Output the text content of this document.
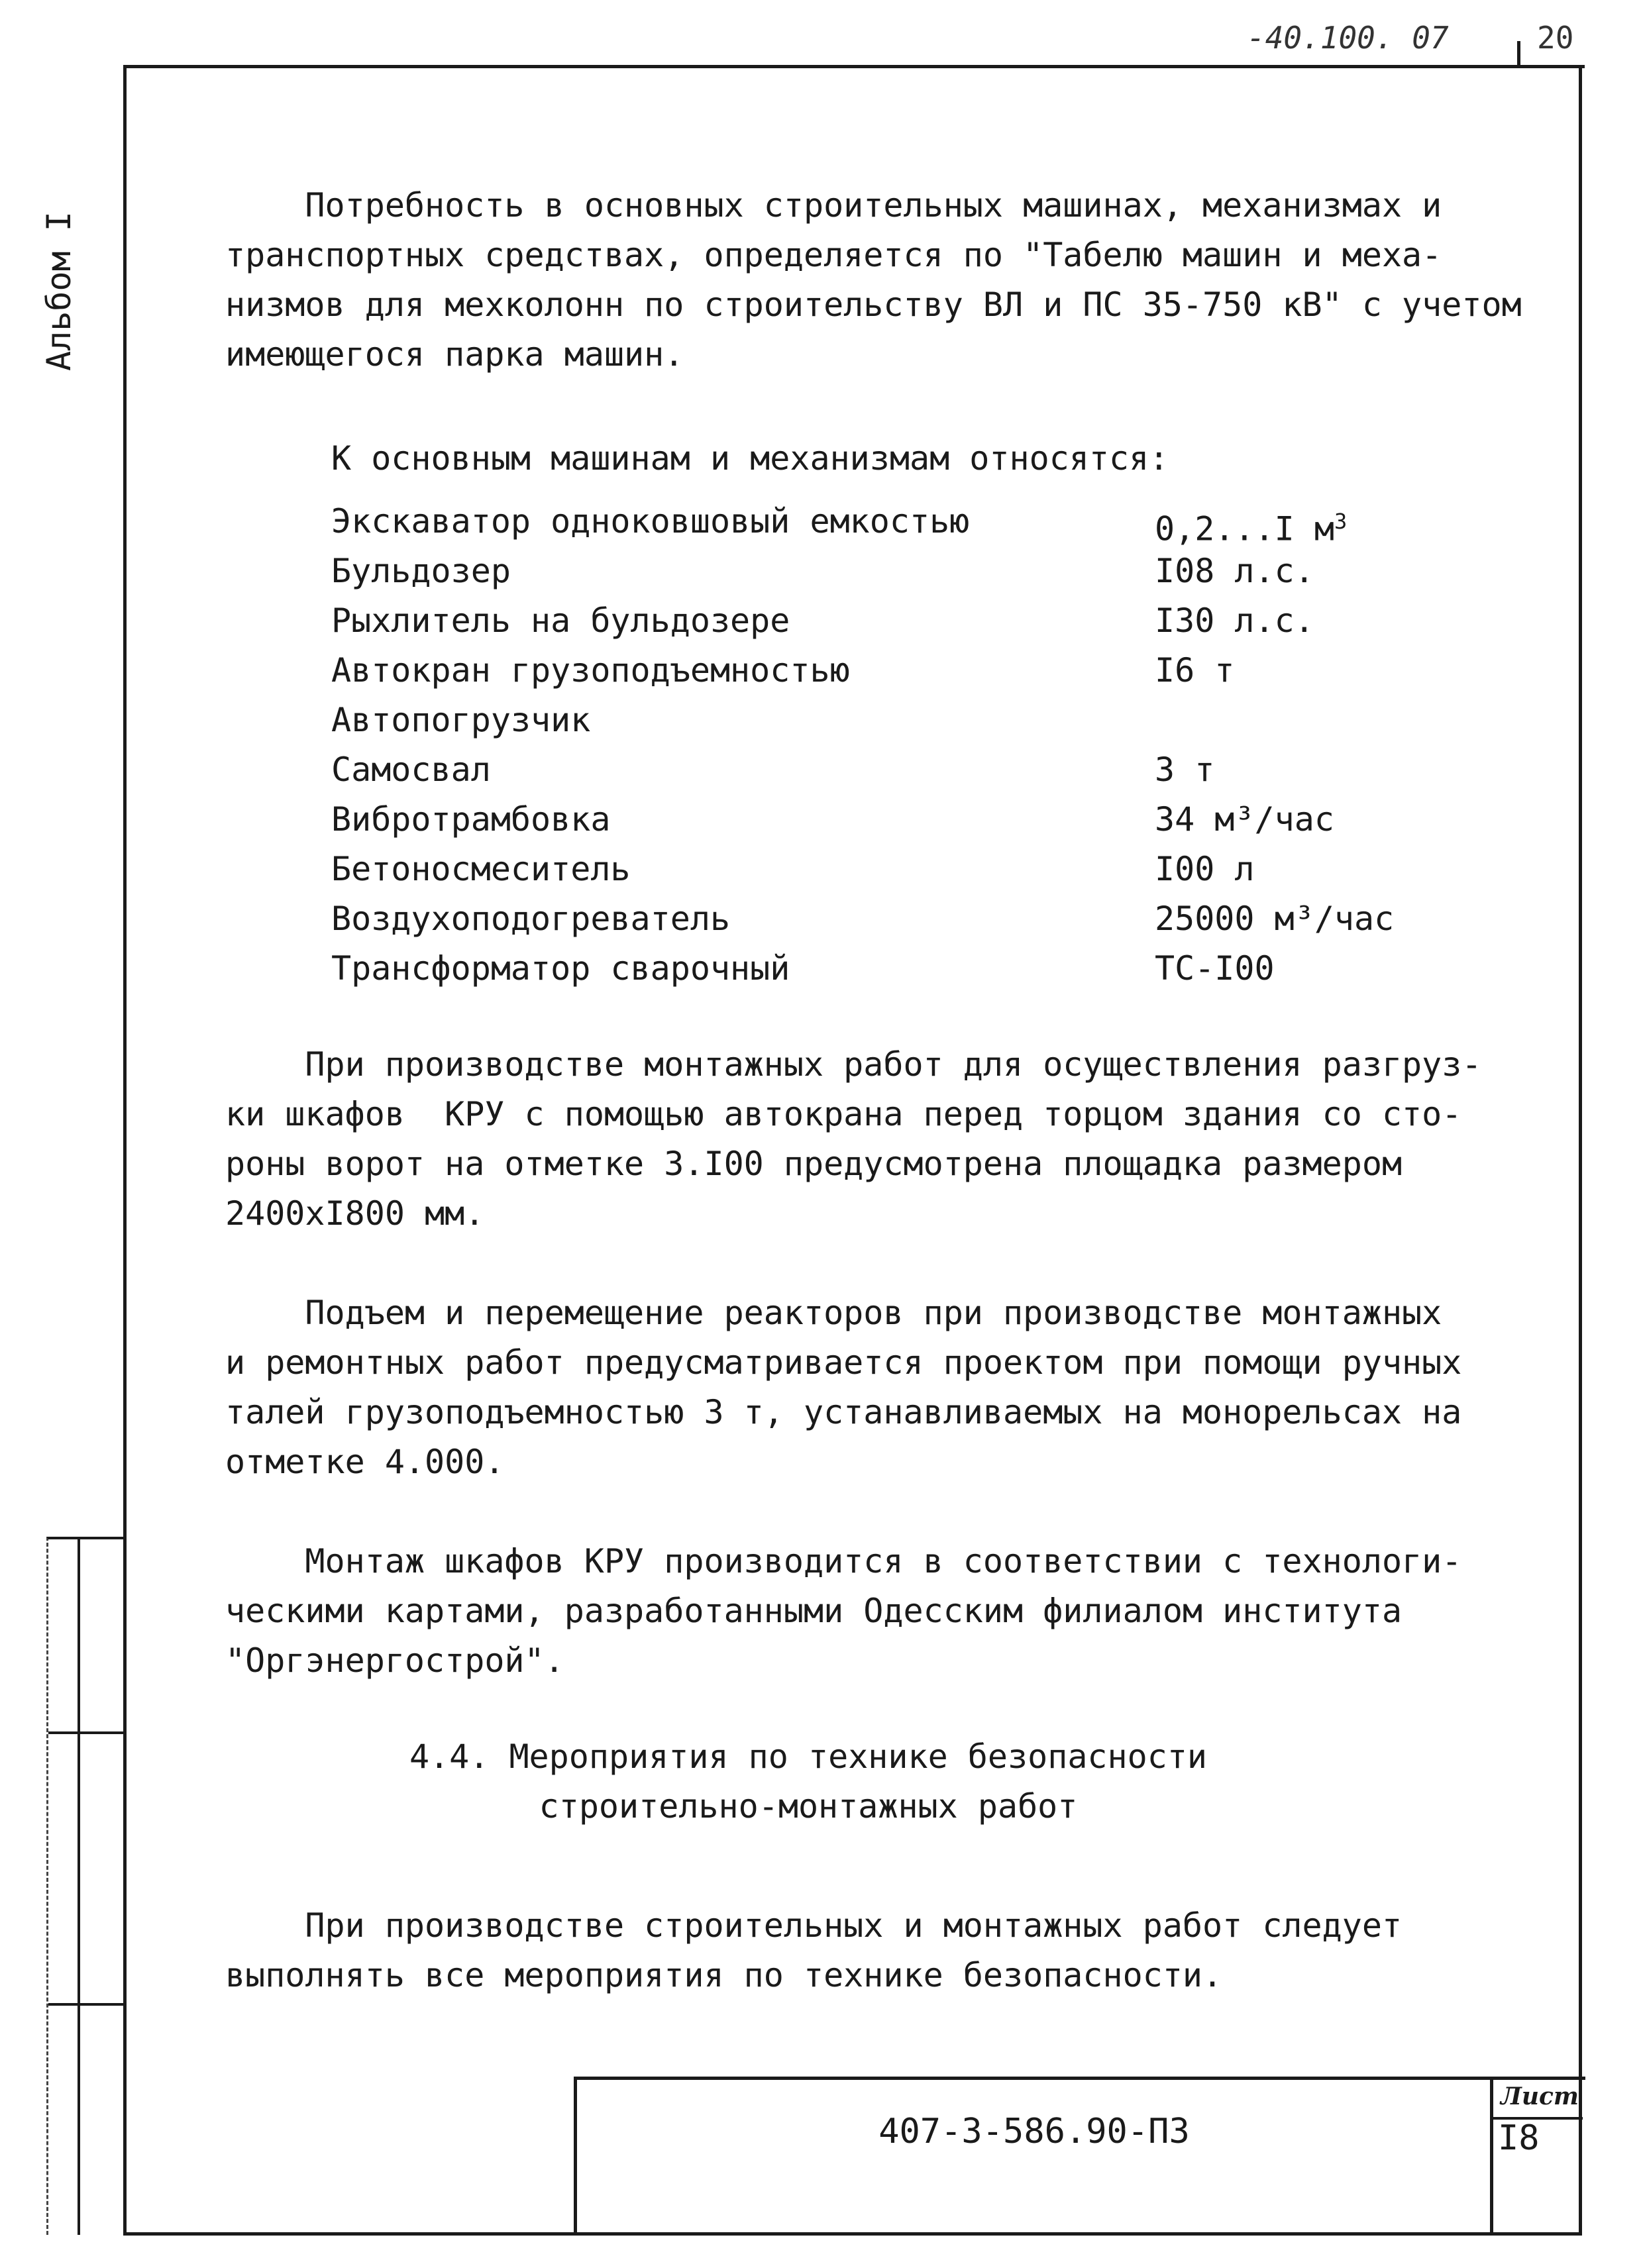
-40.100. 07	20
Альбом I
Потребность в основных строительных машинах, механизмах и
транспортных средствах, определяется по "Табелю машин и меха-
низмов для мехколонн по строительству ВЛ и ПС 35-750 кВ" с учетом
имеющегося парка машин.
К основным машинам и механизмам относятся:
Экскаватор одноковшовый емкостью	0,2...I $м^3$
Бульдозер	I08 л.с.
Рыхлитель на бульдозере	I30 л.с.
Автокран грузоподъемностью	I6 т
Автопогрузчик
Самосвал	3 т
Вибротрамбовка	34 м³/час
Бетоносмеситель	I00 л
Воздухоподогреватель	25000 м³/час
Трансформатор сварочный	ТС-I00
При производстве монтажных работ для осуществления разгруз-
ки шкафов  КРУ с помощью автокрана перед торцом здания со сто-
роны ворот на отметке 3.I00 предусмотрена площадка размером
2400хI800 мм.
Подъем и перемещение реакторов при производстве монтажных
и ремонтных работ предусматривается проектом при помощи ручных
талей грузоподъемностью 3 т, устанавливаемых на монорельсах на
отметке 4.000.
Монтаж шкафов КРУ производится в соответствии с технологи-
ческими картами, разработанными Одесским филиалом института
"Оргэнергострой".
4.4. Мероприятия по технике безопасности
строительно-монтажных работ
При производстве строительных и монтажных работ следует
выполнять все мероприятия по технике безопасности.
407-3-586.90-ПЗ
Лист
I8
